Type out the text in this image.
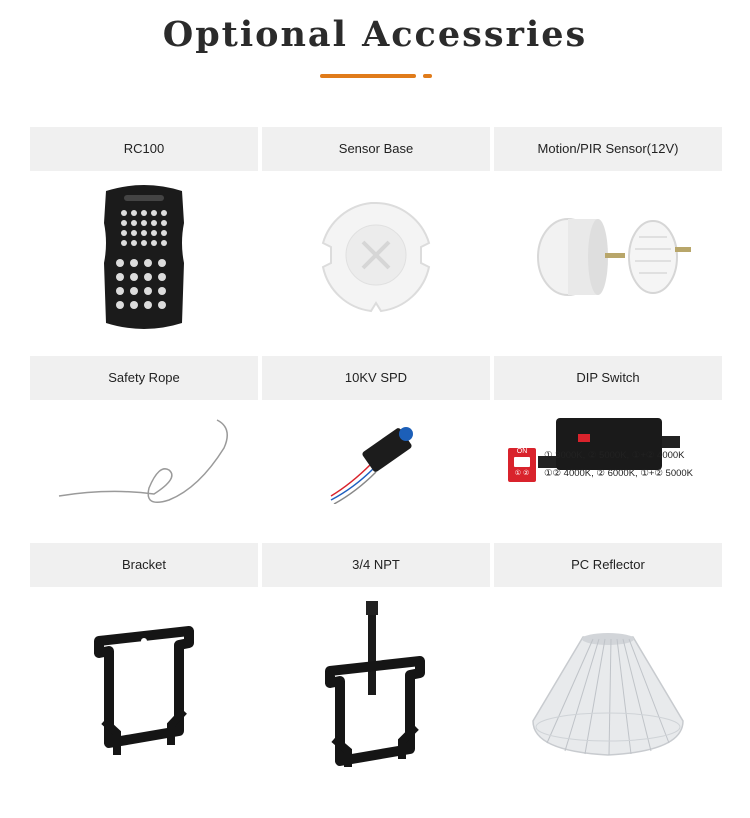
Optional Accessries
RC100	Sensor Base	Motion/PIR Sensor(12V)
Safety Rope	10KV SPD	DIP Switch
ON
① ②
① 3000K, ② 5000K, ①+② 4000K
①② 4000K, ② 6000K, ①+② 5000K
Bracket	3/4 NPT	PC Reflector
